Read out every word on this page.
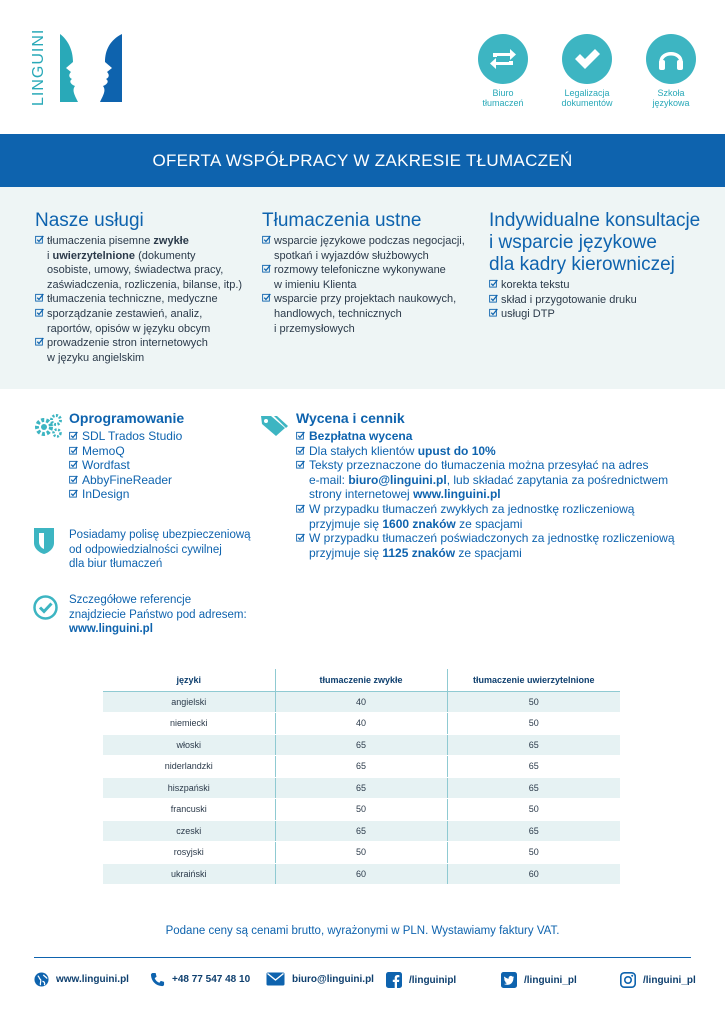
LINGUINI	Biuro
tłumaczeń
Legalizacja
dokumentów
Szkoła
językowa
OFERTA WSPÓŁPRACY W ZAKRESIE TŁUMACZEŃ
Nasze usługi
tłumaczenia pisemne zwykłe
i uwierzytelnione (dokumenty
osobiste, umowy, świadectwa pracy,
zaświadczenia, rozliczenia, bilanse, itp.)
tłumaczenia techniczne, medyczne
sporządzanie zestawień, analiz,
raportów, opisów w języku obcym
prowadzenie stron internetowych
w języku angielskim
Tłumaczenia ustne
wsparcie językowe podczas negocjacji,
spotkań i wyjazdów służbowych
rozmowy telefoniczne wykonywane
w imieniu Klienta
wsparcie przy projektach naukowych,
handlowych, technicznych
i przemysłowych
Indywidualne konsultacje
i wsparcie językowe
dla kadry kierowniczej
korekta tekstu
skład i przygotowanie druku
usługi DTP
Oprogramowanie
SDL Trados Studio
MemoQ
Wordfast
AbbyFineReader
InDesign
Posiadamy polisę ubezpieczeniową
od odpowiedzialności cywilnej
dla biur tłumaczeń
Szczegółowe referencje
znajdziecie Państwo pod adresem:
www.linguini.pl
Wycena i cennik
Bezpłatna wycena
Dla stałych klientów upust do 10%
Teksty przeznaczone do tłumaczenia można przesyłać na adres
e-mail: biuro@linguini.pl, lub składać zapytania za pośrednictwem
strony internetowej www.linguini.pl
W przypadku tłumaczeń zwykłych za jednostkę rozliczeniową
przyjmuje się 1600 znaków ze spacjami
W przypadku tłumaczeń poświadczonych za jednostkę rozliczeniową
przyjmuje się 1125 znaków ze spacjami
języki	tłumaczenie zwykłe	tłumaczenie uwierzytelnione
angielski	40	50
niemiecki	40	50
włoski	65	65
niderlandzki	65	65
hiszpański	65	65
francuski	50	50
czeski	65	65
rosyjski	50	50
ukraiński	60	60
Podane ceny są cenami brutto, wyrażonymi w PLN. Wystawiamy faktury VAT.
www.linguini.pl	+48 77 547 48 10	biuro@linguini.pl	/linguinipl	/linguini_pl	/linguini_pl
